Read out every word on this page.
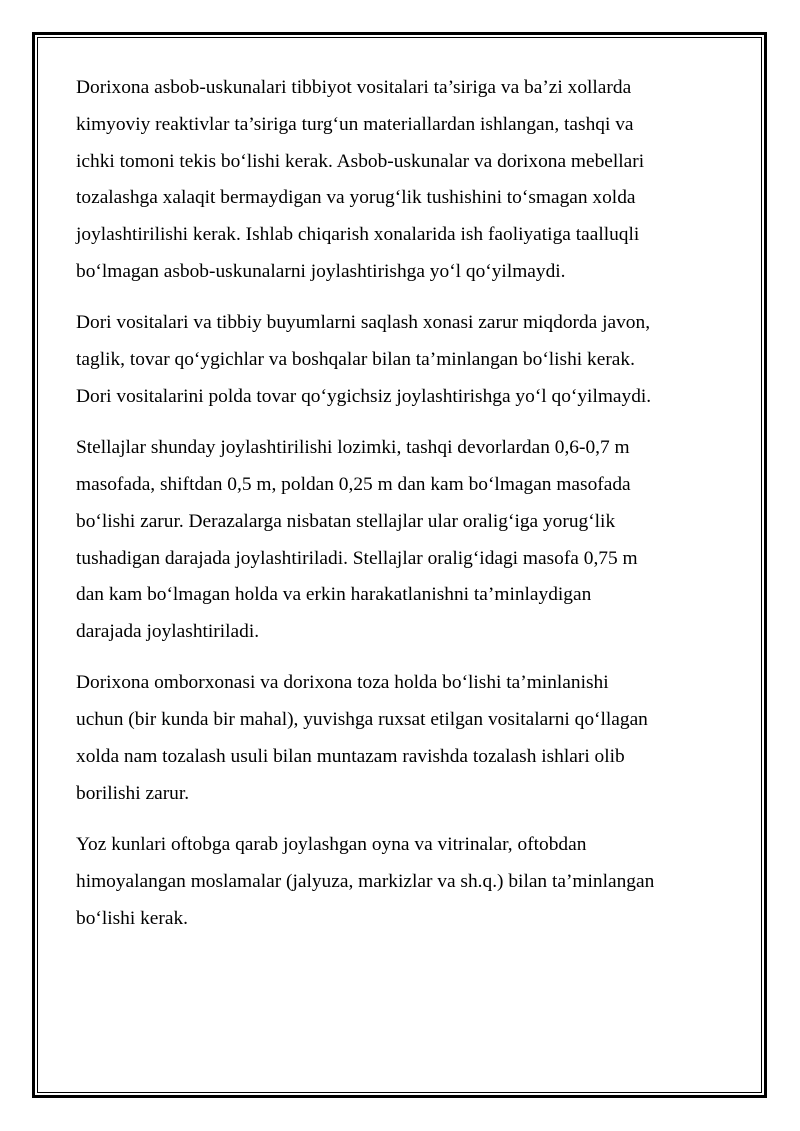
Dorixona asbob-uskunalari tibbiyot vositalari ta’siriga va ba’zi xollarda
kimyoviy reaktivlar ta’siriga turg‘un materiallardan ishlangan, tashqi va
ichki tomoni tekis bo‘lishi kerak. Asbob-uskunalar va dorixona mebellari
tozalashga xalaqit bermaydigan va yorug‘lik tushishini to‘smagan xolda
joylashtirilishi kerak. Ishlab chiqarish xonalarida ish faoliyatiga taalluqli
bo‘lmagan asbob-uskunalarni joylashtirishga yo‘l qo‘yilmaydi.

Dori vositalari va tibbiy buyumlarni saqlash xonasi zarur miqdorda javon,
taglik, tovar qo‘ygichlar va boshqalar bilan ta’minlangan bo‘lishi kerak.
Dori vositalarini polda tovar qo‘ygichsiz joylashtirishga yo‘l qo‘yilmaydi.

Stellajlar shunday joylashtirilishi lozimki, tashqi devorlardan 0,6-0,7 m
masofada, shiftdan 0,5 m, poldan 0,25 m dan kam bo‘lmagan masofada
bo‘lishi zarur. Derazalarga nisbatan stellajlar ular oralig‘iga yorug‘lik
tushadigan darajada joylashtiriladi. Stellajlar oralig‘idagi masofa 0,75 m
dan kam bo‘lmagan holda va erkin harakatlanishni ta’minlaydigan
darajada joylashtiriladi.

Dorixona omborxonasi va dorixona toza holda bo‘lishi ta’minlanishi
uchun (bir kunda bir mahal), yuvishga ruxsat etilgan vositalarni qo‘llagan
xolda nam tozalash usuli bilan muntazam ravishda tozalash ishlari olib
borilishi zarur.

Yoz kunlari oftobga qarab joylashgan oyna va vitrinalar, oftobdan
himoyalangan moslamalar (jalyuza, markizlar va sh.q.) bilan ta’minlangan
bo‘lishi kerak.
